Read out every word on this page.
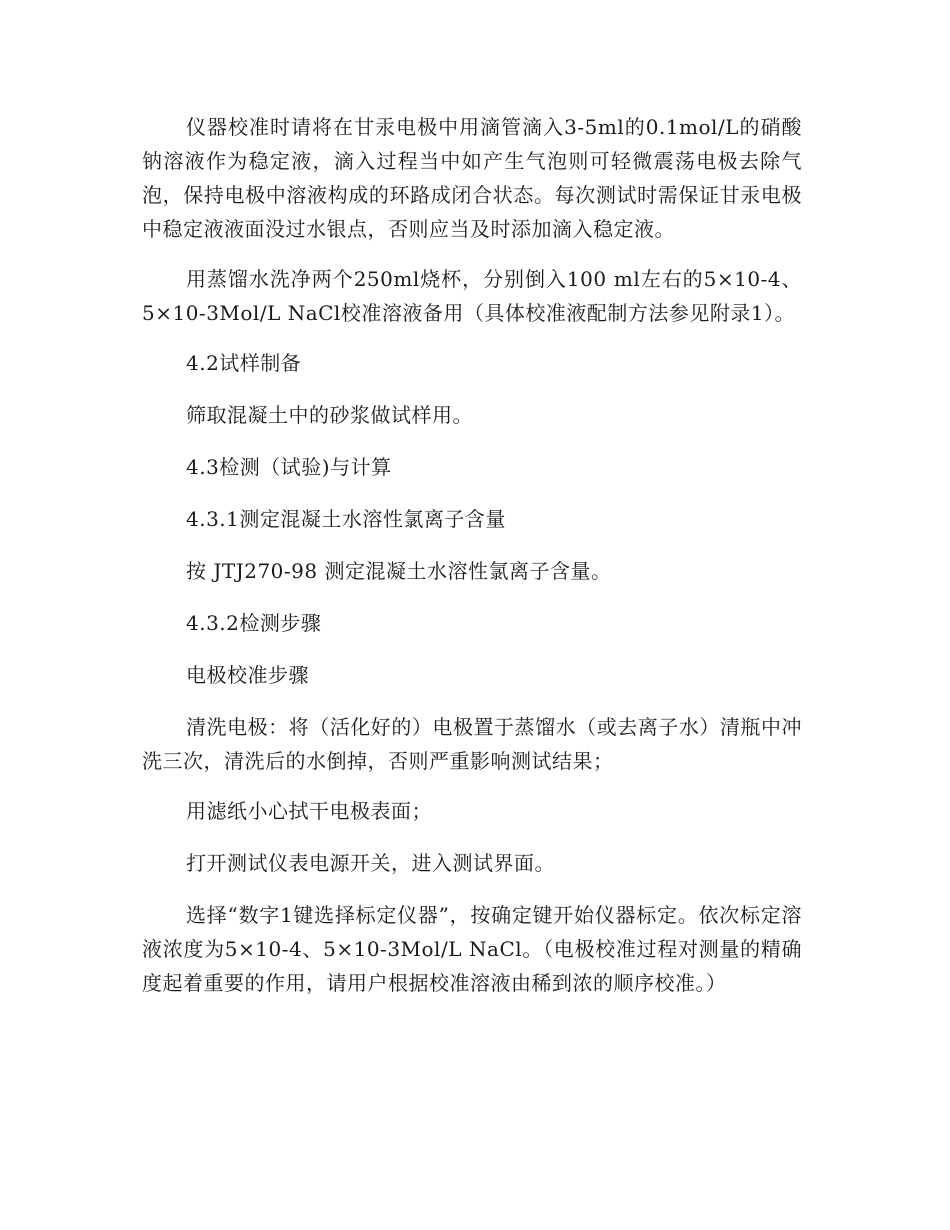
仪器校准时请将在甘汞电极中用滴管滴入3-5ml的0.1mol/L的硝酸钠溶液作为稳定液，滴入过程当中如产生气泡则可轻微震荡电极去除气泡，保持电极中溶液构成的环路成闭合状态。每次测试时需保证甘汞电极中稳定液液面没过水银点，否则应当及时添加滴入稳定液。

用蒸馏水洗净两个250ml烧杯，分别倒入100 ml左右的5×10-4、5×10-3Mol/L NaCl校准溶液备用（具体校准液配制方法参见附录1）。

4.2试样制备

筛取混凝土中的砂浆做试样用。

4.3检测（试验)与计算

4.3.1测定混凝土水溶性氯离子含量

按 JTJ270-98 测定混凝土水溶性氯离子含量。

4.3.2检测步骤

电极校准步骤

清洗电极：将（活化好的）电极置于蒸馏水（或去离子水）清瓶中冲洗三次，清洗后的水倒掉，否则严重影响测试结果；

用滤纸小心拭干电极表面；

打开测试仪表电源开关，进入测试界面。

选择“数字1键选择标定仪器”，按确定键开始仪器标定。依次标定溶液浓度为5×10-4、5×10-3Mol/L NaCl。（电极校准过程对测量的精确度起着重要的作用，请用户根据校准溶液由稀到浓的顺序校准。）
